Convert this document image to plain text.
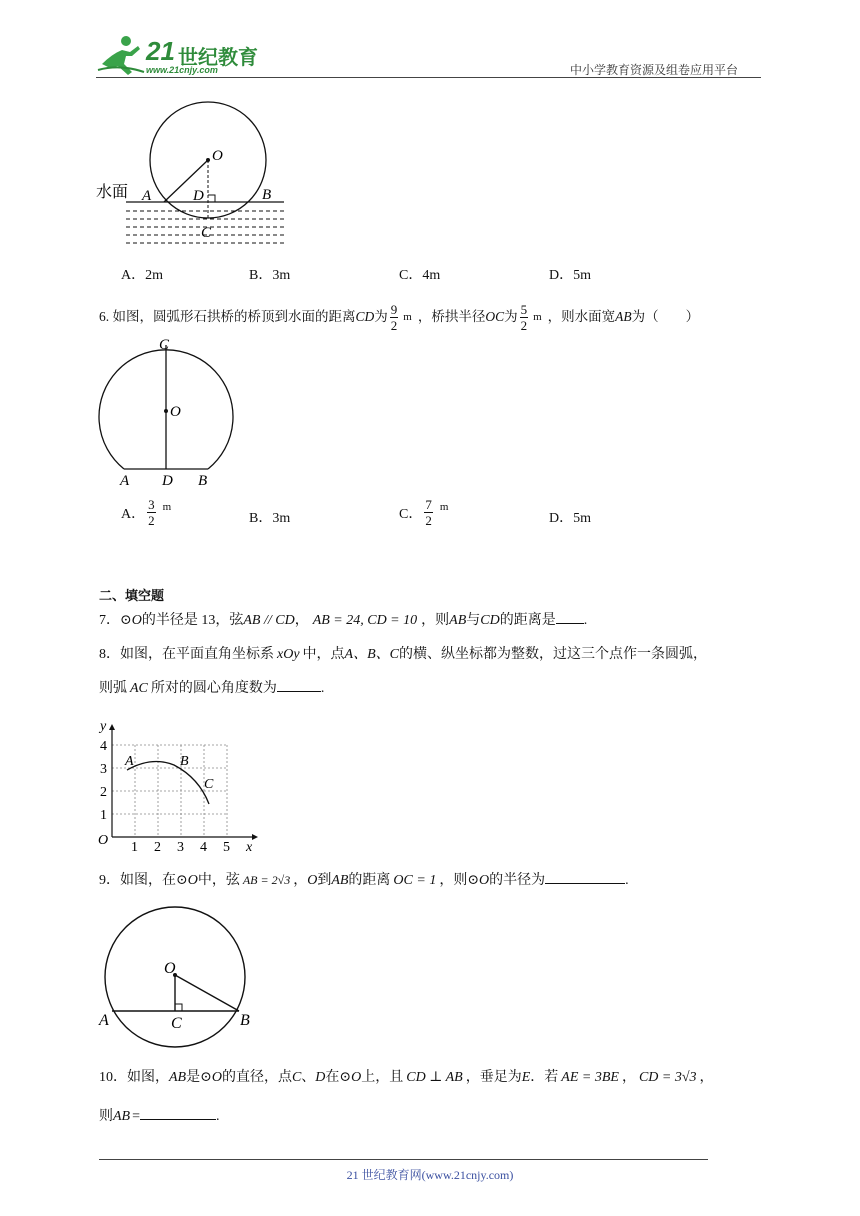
21 世纪教育
www.21cnjy.com	中小学教育资源及组卷应用平台
水面 A	D	B
C
O
A．2m	B．3m	C．4m	D．5m
6. 如图，圆弧形石拱桥的桥顶到水面的距离 CD 为 $\frac{9}{2}$ m ，桥拱半径 OC 为 $\frac{5}{2}$ m ，则水面宽 AB 为（　　）
C
O
A D B
A． $\frac{3}{2}$ m
B．3m	C． $\frac{7}{2}$ m
D．5m
二、填空题
7．⊙O的半径是 13，弦AB // CD， AB = 24, CD = 10 ，则AB与CD的距离是 .
8．如图，在平面直角坐标系 xOy 中，点A、B、C的横、纵坐标都为整数，过这三个点作一条圆弧，
则弧 AC 所对的圆心角度数为	.
y
x
O
4
3
2
1
1 2 3 4 5
A	B
C
9．如图，在⊙O中，弦 AB = 2√3 ，O到AB的距离 OC = 1 ，则⊙O的半径为	.
O
A	C	B
10．如图，AB是⊙O的直径，点C、D在⊙O上，且 CD ⊥ AB ，垂足为E．若 AE = 3BE ， CD = 3√3 ，
则AB =	.
21 世纪教育网(www.21cnjy.com)
